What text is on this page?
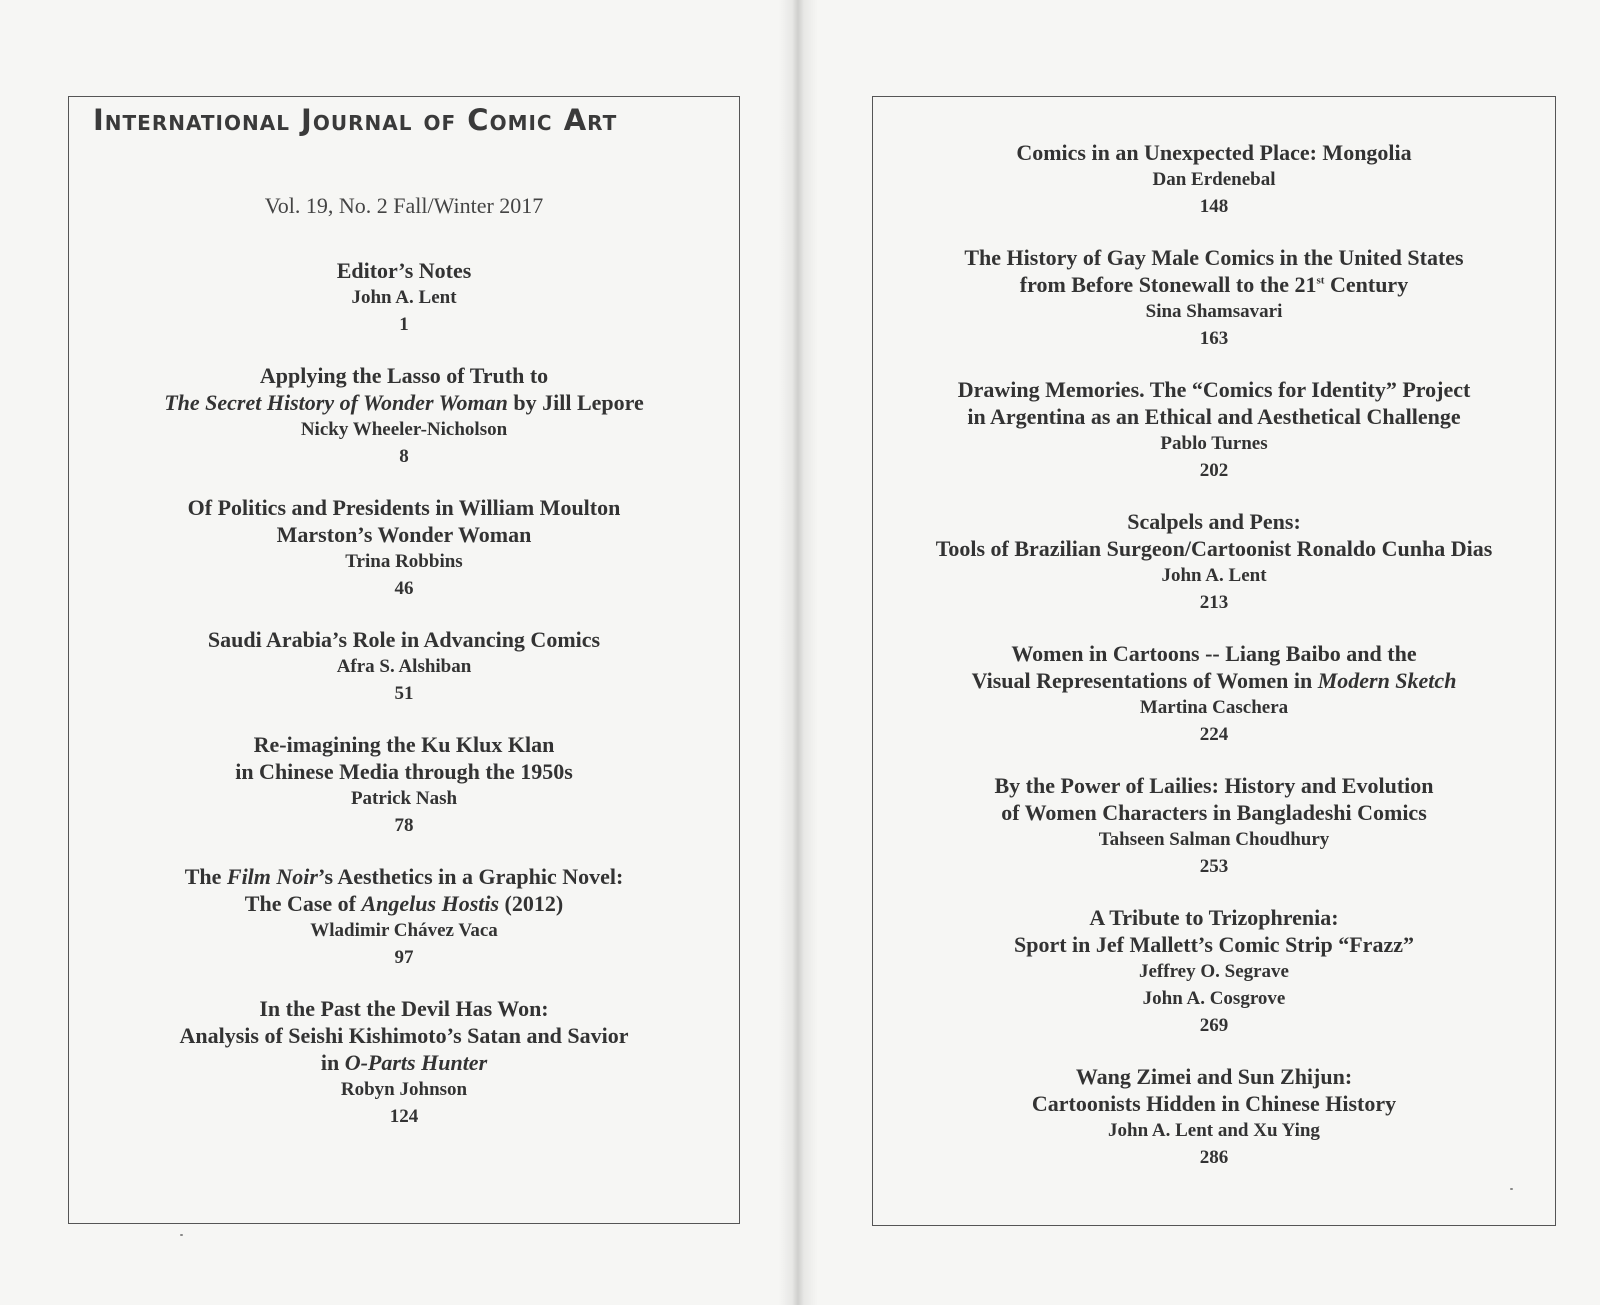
International Journal of Comic Art
Vol. 19, No. 2 Fall/Winter 2017
Editor’s Notes
John A. Lent
1
Applying the Lasso of Truth to
The Secret History of Wonder Woman by Jill Lepore
Nicky Wheeler-Nicholson
8
Of Politics and Presidents in William Moulton
Marston’s Wonder Woman
Trina Robbins
46
Saudi Arabia’s Role in Advancing Comics
Afra S. Alshiban
51
Re-imagining the Ku Klux Klan
in Chinese Media through the 1950s
Patrick Nash
78
The Film Noir’s Aesthetics in a Graphic Novel:
The Case of Angelus Hostis (2012)
Wladimir Chávez Vaca
97
In the Past the Devil Has Won:
Analysis of Seishi Kishimoto’s Satan and Savior
in O-Parts Hunter
Robyn Johnson
124
Comics in an Unexpected Place: Mongolia
Dan Erdenebal
148
The History of Gay Male Comics in the United States
from Before Stonewall to the 21st Century
Sina Shamsavari
163
Drawing Memories. The “Comics for Identity” Project
in Argentina as an Ethical and Aesthetical Challenge
Pablo Turnes
202
Scalpels and Pens:
Tools of Brazilian Surgeon/Cartoonist Ronaldo Cunha Dias
John A. Lent
213
Women in Cartoons -- Liang Baibo and the
Visual Representations of Women in Modern Sketch
Martina Caschera
224
By the Power of Lailies: History and Evolution
of Women Characters in Bangladeshi Comics
Tahseen Salman Choudhury
253
A Tribute to Trizophrenia:
Sport in Jef Mallett’s Comic Strip “Frazz”
Jeffrey O. Segrave
John A. Cosgrove
269
Wang Zimei and Sun Zhijun:
Cartoonists Hidden in Chinese History
John A. Lent and Xu Ying
286
